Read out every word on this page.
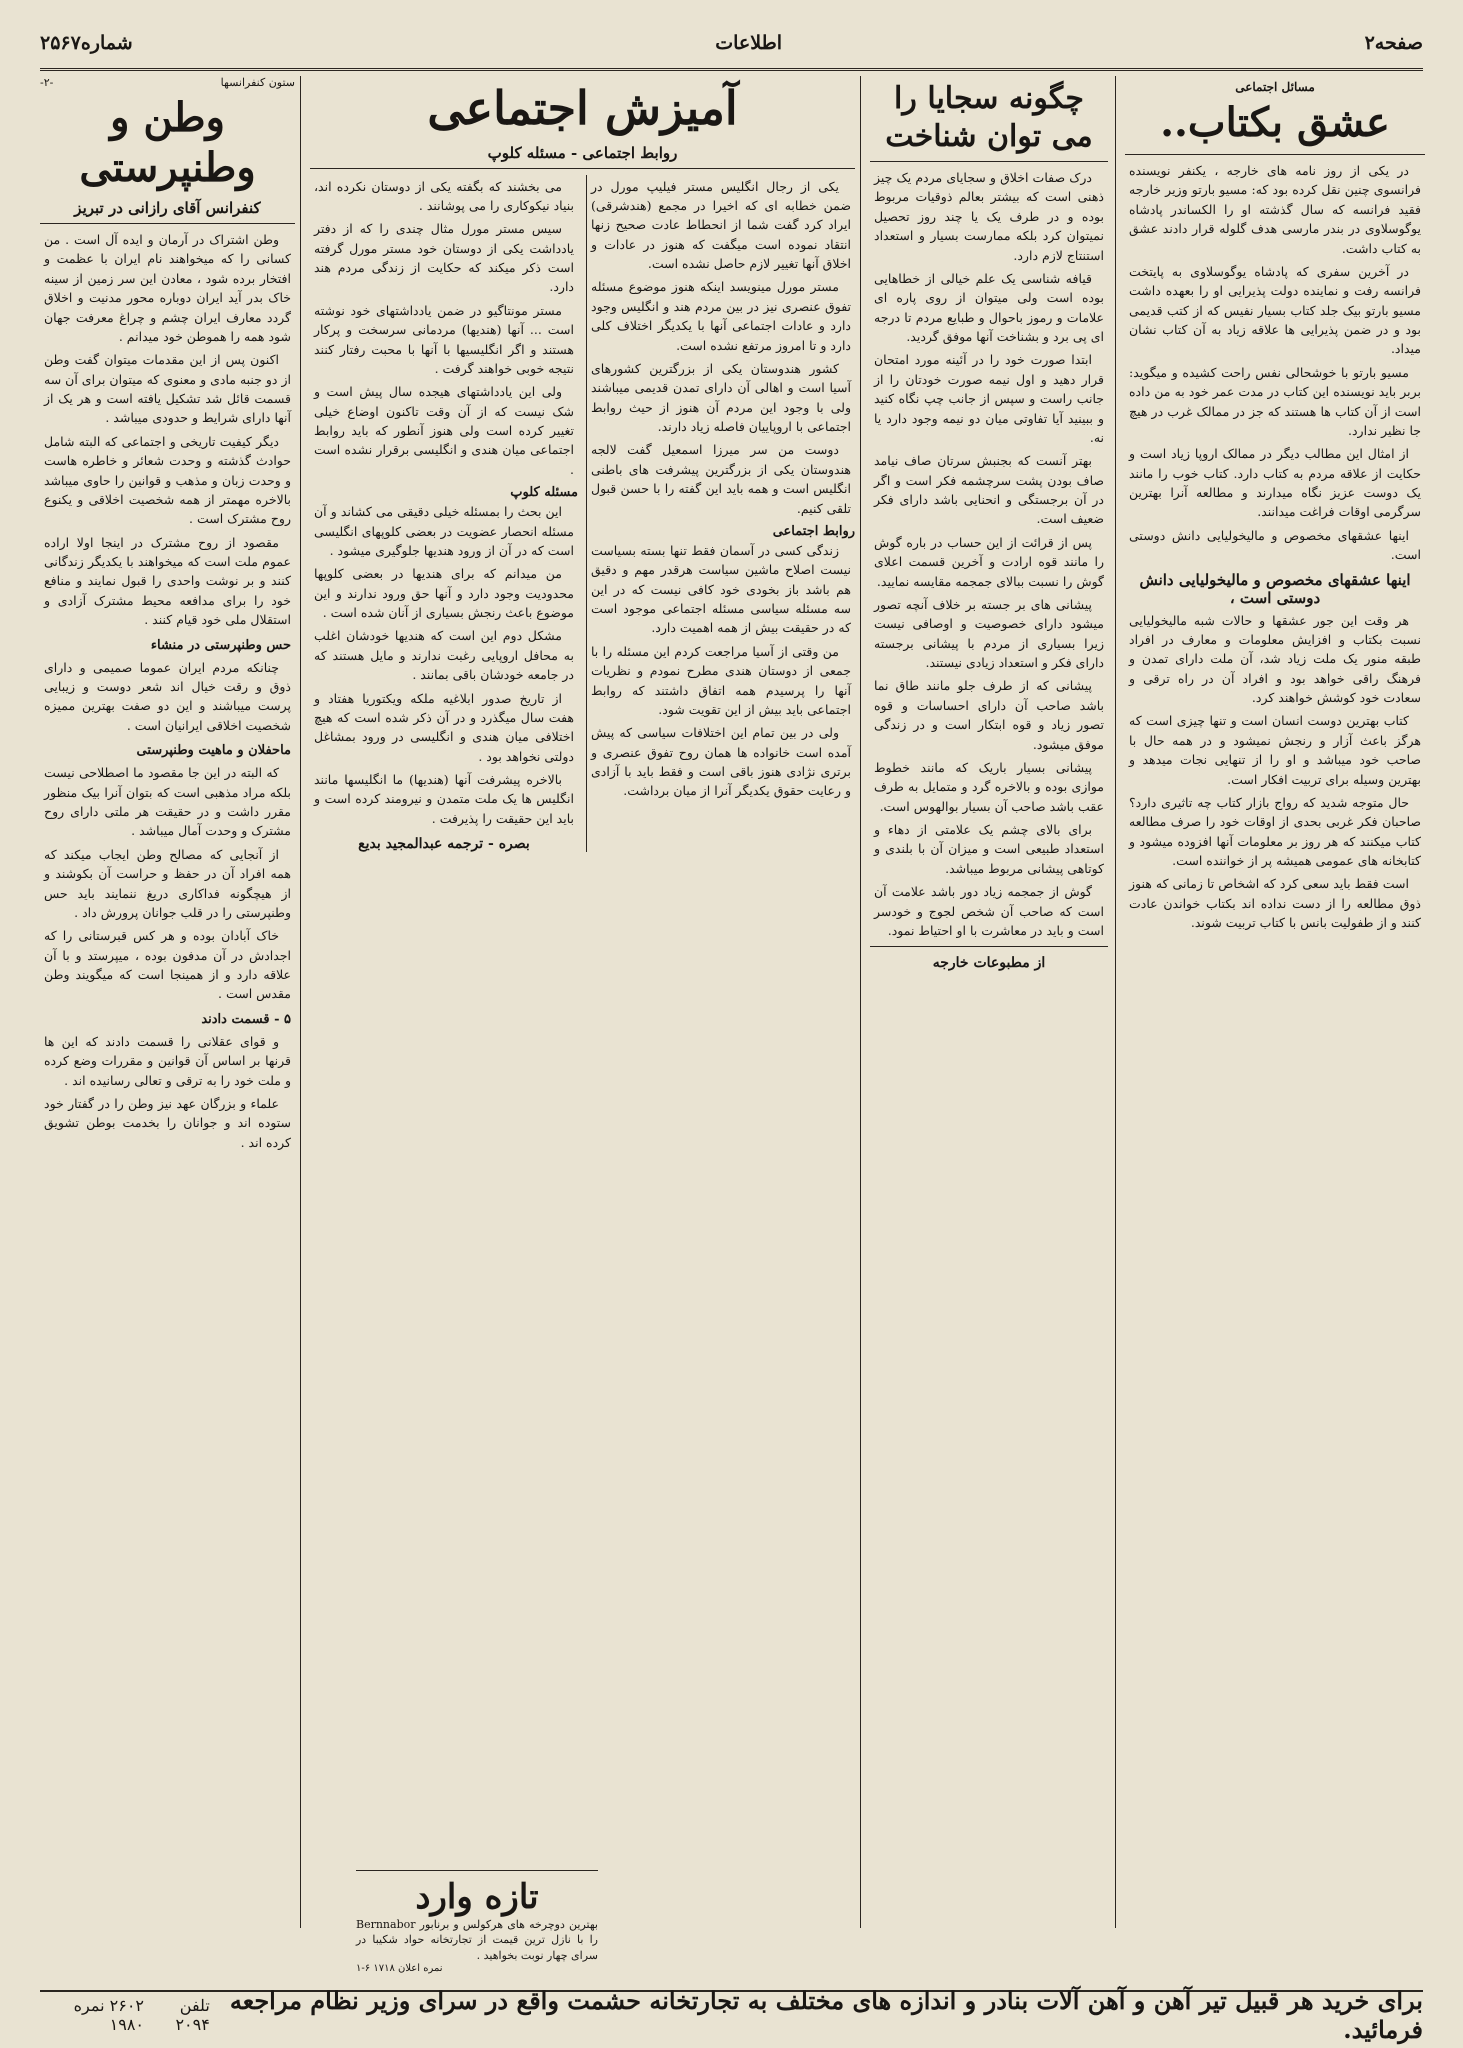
صفحه۲
اطلاعات
شماره۲۵۶۷
مسائل اجتماعی
عشق بکتاب..

در یکی از روز نامه های خارجه ، یکنفر نویسنده فرانسوی چنین نقل کرده بود که: مسیو بارتو وزیر خارجه فقید فرانسه که سال گذشته او را الکساندر پادشاه یوگوسلاوی در بندر مارسی هدف گلوله قرار دادند عشق به کتاب داشت.

در آخرین سفری که پادشاه یوگوسلاوی به پایتخت فرانسه رفت و نماینده دولت پذیرایی او را بعهده داشت مسیو بارتو بیک جلد کتاب بسیار نفیس که از کتب قدیمی بود و در ضمن پذیرایی ها علاقه زیاد به آن کتاب نشان میداد.

مسیو بارتو با خوشحالی نفس راحت کشیده و میگوید: بربر باید نویسنده این کتاب در مدت عمر خود به من داده است از آن کتاب ها هستند که جز در ممالک غرب در هیچ جا نظیر ندارد.

از امثال این مطالب دیگر در ممالک اروپا زیاد است و حکایت از علاقه مردم به کتاب دارد. کتاب خوب را مانند یک دوست عزیز نگاه میدارند و مطالعه آنرا بهترین سرگرمی اوقات فراغت میدانند.

اینها عشقهای مخصوص و مالیخولیایی دانش دوستی است.

اینها عشقهای مخصوص و مالیخولیایی دانش دوستی است ،

هر وقت این جور عشقها و حالات شبه مالیخولیایی نسبت بکتاب و افزایش معلومات و معارف در افراد طبقه منور یک ملت زیاد شد، آن ملت دارای تمدن و فرهنگ راقی خواهد بود و افراد آن در راه ترقی و سعادت خود کوشش خواهند کرد.

کتاب بهترین دوست انسان است و تنها چیزی است که هرگز باعث آزار و رنجش نمیشود و در همه حال با صاحب خود میباشد و او را از تنهایی نجات میدهد و بهترین وسیله برای تربیت افکار است.

حال متوجه شدید که رواج بازار کتاب چه تاثیری دارد؟ صاحبان فکر غربی بحدی از اوقات خود را صرف مطالعه کتاب میکنند که هر روز بر معلومات آنها افزوده میشود و کتابخانه های عمومی همیشه پر از خواننده است.

است فقط باید سعی کرد که اشخاص تا زمانی که هنوز ذوق مطالعه را از دست نداده اند بکتاب خواندن عادت کنند و از طفولیت بانس با کتاب تربیت شوند.

چگونه سجایا را می توان شناخت

درک صفات اخلاق و سجایای مردم یک چیز ذهنی است که بیشتر بعالم ذوقیات مربوط بوده و در طرف یک یا چند روز تحصیل نمیتوان کرد بلکه ممارست بسیار و استعداد استنتاج لازم دارد.

قیافه شناسی یک علم خیالی از خطاهایی بوده است ولی میتوان از روی پاره ای علامات و رموز باحوال و طبایع مردم تا درجه ای پی برد و بشناخت آنها موفق گردید.

ابتدا صورت خود را در آئینه مورد امتحان قرار دهید و اول نیمه صورت خودتان را از جانب راست و سپس از جانب چپ نگاه کنید و ببینید آیا تفاوتی میان دو نیمه وجود دارد یا نه.

بهتر آنست که بجنبش سرتان صاف نیامد صاف بودن پشت سرچشمه فکر است و اگر در آن برجستگی و انحنایی باشد دارای فکر ضعیف است.

پس از قرائت از این حساب در باره گوش را مانند قوه ارادت و آخرین قسمت اعلای گوش را نسبت ببالای جمجمه مقایسه نمایید.

پیشانی های بر جسته بر خلاف آنچه تصور میشود دارای خصوصیت و اوصافی نیست زیرا بسیاری از مردم با پیشانی برجسته دارای فکر و استعداد زیادی نیستند.

پیشانی که از طرف جلو مانند طاق نما باشد صاحب آن دارای احساسات و قوه تصور زیاد و قوه ابتکار است و در زندگی موفق میشود.

پیشانی بسیار باریک که مانند خطوط موازی بوده و بالاخره گرد و متمایل به طرف عقب باشد صاحب آن بسیار بوالهوس است.

برای بالای چشم یک علامتی از دهاء و استعداد طبیعی است و میزان آن با بلندی و کوتاهی پیشانی مربوط میباشد.

گوش از جمجمه زیاد دور باشد علامت آن است که صاحب آن شخص لجوج و خودسر است و باید در معاشرت با او احتیاط نمود.

از مطبوعات خارجه
آمیزش اجتماعی
روابط اجتماعی - مسئله کلوپ

یکی از رجال انگلیس مستر فیلیپ مورل در ضمن خطابه ای که اخیرا در مجمع (هندشرقی) ایراد کرد گفت شما از انحطاط عادت صحیح زنها انتقاد نموده است میگفت که هنوز در عادات و اخلاق آنها تغییر لازم حاصل نشده است.

مستر مورل مینویسد اینکه هنوز موضوع مسئله تفوق عنصری نیز در بین مردم هند و انگلیس وجود دارد و عادات اجتماعی آنها با یکدیگر اختلاف کلی دارد و تا امروز مرتفع نشده است.

کشور هندوستان یکی از بزرگترین کشورهای آسیا است و اهالی آن دارای تمدن قدیمی میباشند ولی با وجود این مردم آن هنوز از حیث روابط اجتماعی با اروپاییان فاصله زیاد دارند.

دوست من سر میرزا اسمعیل گفت لالجه هندوستان یکی از بزرگترین پیشرفت های باطنی انگلیس است و همه باید این گفته را با حسن قبول تلقی کنیم.

روابط اجتماعی

زندگی کسی در آسمان فقط تنها بسته بسیاست نیست اصلاح ماشین سیاست هرقدر مهم و دقیق هم باشد باز بخودی خود کافی نیست که در این سه مسئله سیاسی مسئله اجتماعی موجود است که در حقیقت بیش از همه اهمیت دارد.

من وقتی از آسیا مراجعت کردم این مسئله را با جمعی از دوستان هندی مطرح نمودم و نظریات آنها را پرسیدم همه اتفاق داشتند که روابط اجتماعی باید بیش از این تقویت شود.

ولی در بین تمام این اختلافات سیاسی که پیش آمده است خانواده ها همان روح تفوق عنصری و برتری نژادی هنوز باقی است و فقط باید با آزادی و رعایت حقوق یکدیگر آنرا از میان برداشت.

می بخشند که بگفته یکی از دوستان نکرده اند، بنیاد نیکوکاری را می پوشانند .

سیس مستر مورل مثال چندی را که از دفتر یادداشت یکی از دوستان خود مستر مورل گرفته است ذکر میکند که حکایت از زندگی مردم هند دارد.

مستر مونتاگیو در ضمن یادداشتهای خود نوشته است ... آنها (هندیها) مردمانی سرسخت و پرکار هستند و اگر انگلیسیها با آنها با محبت رفتار کنند نتیجه خوبی خواهند گرفت .

ولی این یادداشتهای هیجده سال پیش است و شک نیست که از آن وقت تاکنون اوضاع خیلی تغییر کرده است ولی هنوز آنطور که باید روابط اجتماعی میان هندی و انگلیسی برقرار نشده است .

مسئله کلوپ

این بحث را بمسئله خیلی دقیقی می کشاند و آن مسئله انحصار عضویت در بعضی کلوپهای انگلیسی است که در آن از ورود هندیها جلوگیری میشود .

من میدانم که برای هندیها در بعضی کلوپها محدودیت وجود دارد و آنها حق ورود ندارند و این موضوع باعث رنجش بسیاری از آنان شده است .

مشکل دوم این است که هندیها خودشان اغلب به محافل اروپایی رغبت ندارند و مایل هستند که در جامعه خودشان باقی بمانند .

از تاریخ صدور ابلاغیه ملکه ویکتوریا هفتاد و هفت سال میگذرد و در آن ذکر شده است که هیچ اختلافی میان هندی و انگلیسی در ورود بمشاغل دولتی نخواهد بود .

بالاخره پیشرفت آنها (هندیها) ما انگلیسها مانند انگلیس ها یک ملت متمدن و نیرومند کرده است و باید این حقیقت را پذیرفت .

بصره - ترجمه عبدالمجید بدیع
ستون کنفرانسها
-۲-
وطن و وطنپرستی
کنفرانس آقای رازانی در تبریز

وطن اشتراک در آرمان و ایده آل است . من کسانی را که میخواهند نام ایران با عظمت و افتخار برده شود ، معادن این سر زمین از سینه خاک بدر آید ایران دوباره محور مدنیت و اخلاق گردد معارف ایران چشم و چراغ معرفت جهان شود همه را هموطن خود میدانم .

اکنون پس از این مقدمات میتوان گفت وطن از دو جنبه مادی و معنوی که میتوان برای آن سه قسمت قائل شد تشکیل یافته است و هر یک از آنها دارای شرایط و حدودی میباشد .

دیگر کیفیت تاریخی و اجتماعی که البته شامل حوادث گذشته و وحدت شعائر و خاطره هاست و وحدت زبان و مذهب و قوانین را حاوی میباشد بالاخره مهمتر از همه شخصیت اخلاقی و یکنوع روح مشترک است .

مقصود از روح مشترک در اینجا اولا اراده عموم ملت است که میخواهند با یکدیگر زندگانی کنند و بر نوشت واحدی را قبول نمایند و منافع خود را برای مدافعه محیط مشترک آزادی و استقلال ملی خود قیام کنند .

حس وطنپرستی در منشاء

چنانکه مردم ایران عموما صمیمی و دارای ذوق و رقت خیال اند شعر دوست و زیبایی پرست میباشند و این دو صفت بهترین ممیزه شخصیت اخلاقی ایرانیان است .

ماحفلان و ماهیت وطنپرستی

که البته در این جا مقصود ما اصطلاحی نیست بلکه مراد مذهبی است که بتوان آنرا بیک منظور مقرر داشت و در حقیقت هر ملتی دارای روح مشترک و وحدت آمال میباشد .

از آنجایی که مصالح وطن ایجاب میکند که همه افراد آن در حفظ و حراست آن بکوشند و از هیچگونه فداکاری دریغ ننمایند باید حس وطنپرستی را در قلب جوانان پرورش داد .

خاک آبادان بوده و هر کس قبرستانی را که اجدادش در آن مدفون بوده ، میپرستد و با آن علاقه دارد و از همینجا است که میگویند وطن مقدس است .

۵ - قسمت دادند

و قوای عقلانی را قسمت دادند که این ها قرنها بر اساس آن قوانین و مقررات وضع کرده و ملت خود را به ترقی و تعالی رسانیده اند .

علماء و بزرگان عهد نیز وطن را در گفتار خود ستوده اند و جوانان را بخدمت بوطن تشویق کرده اند .

تازه وارد
بهترین دوچرخه های هرکولس و برنابور Bernnabor را با نازل ترین قیمت از تجارتخانه حواد شکیبا در سرای چهار نوبت بخواهید .
نمره اعلان ۱۷۱۸ ۶-۱
برای خرید هر قبیل تیر آهن و آهن آلات بنادر و اندازه های مختلف به تجارتخانه حشمت واقع در سرای وزیر نظام مراجعه فرمائید.
تلفن ۲۰۹۴
۲۶۰۲ نمره ۱۹۸۰
